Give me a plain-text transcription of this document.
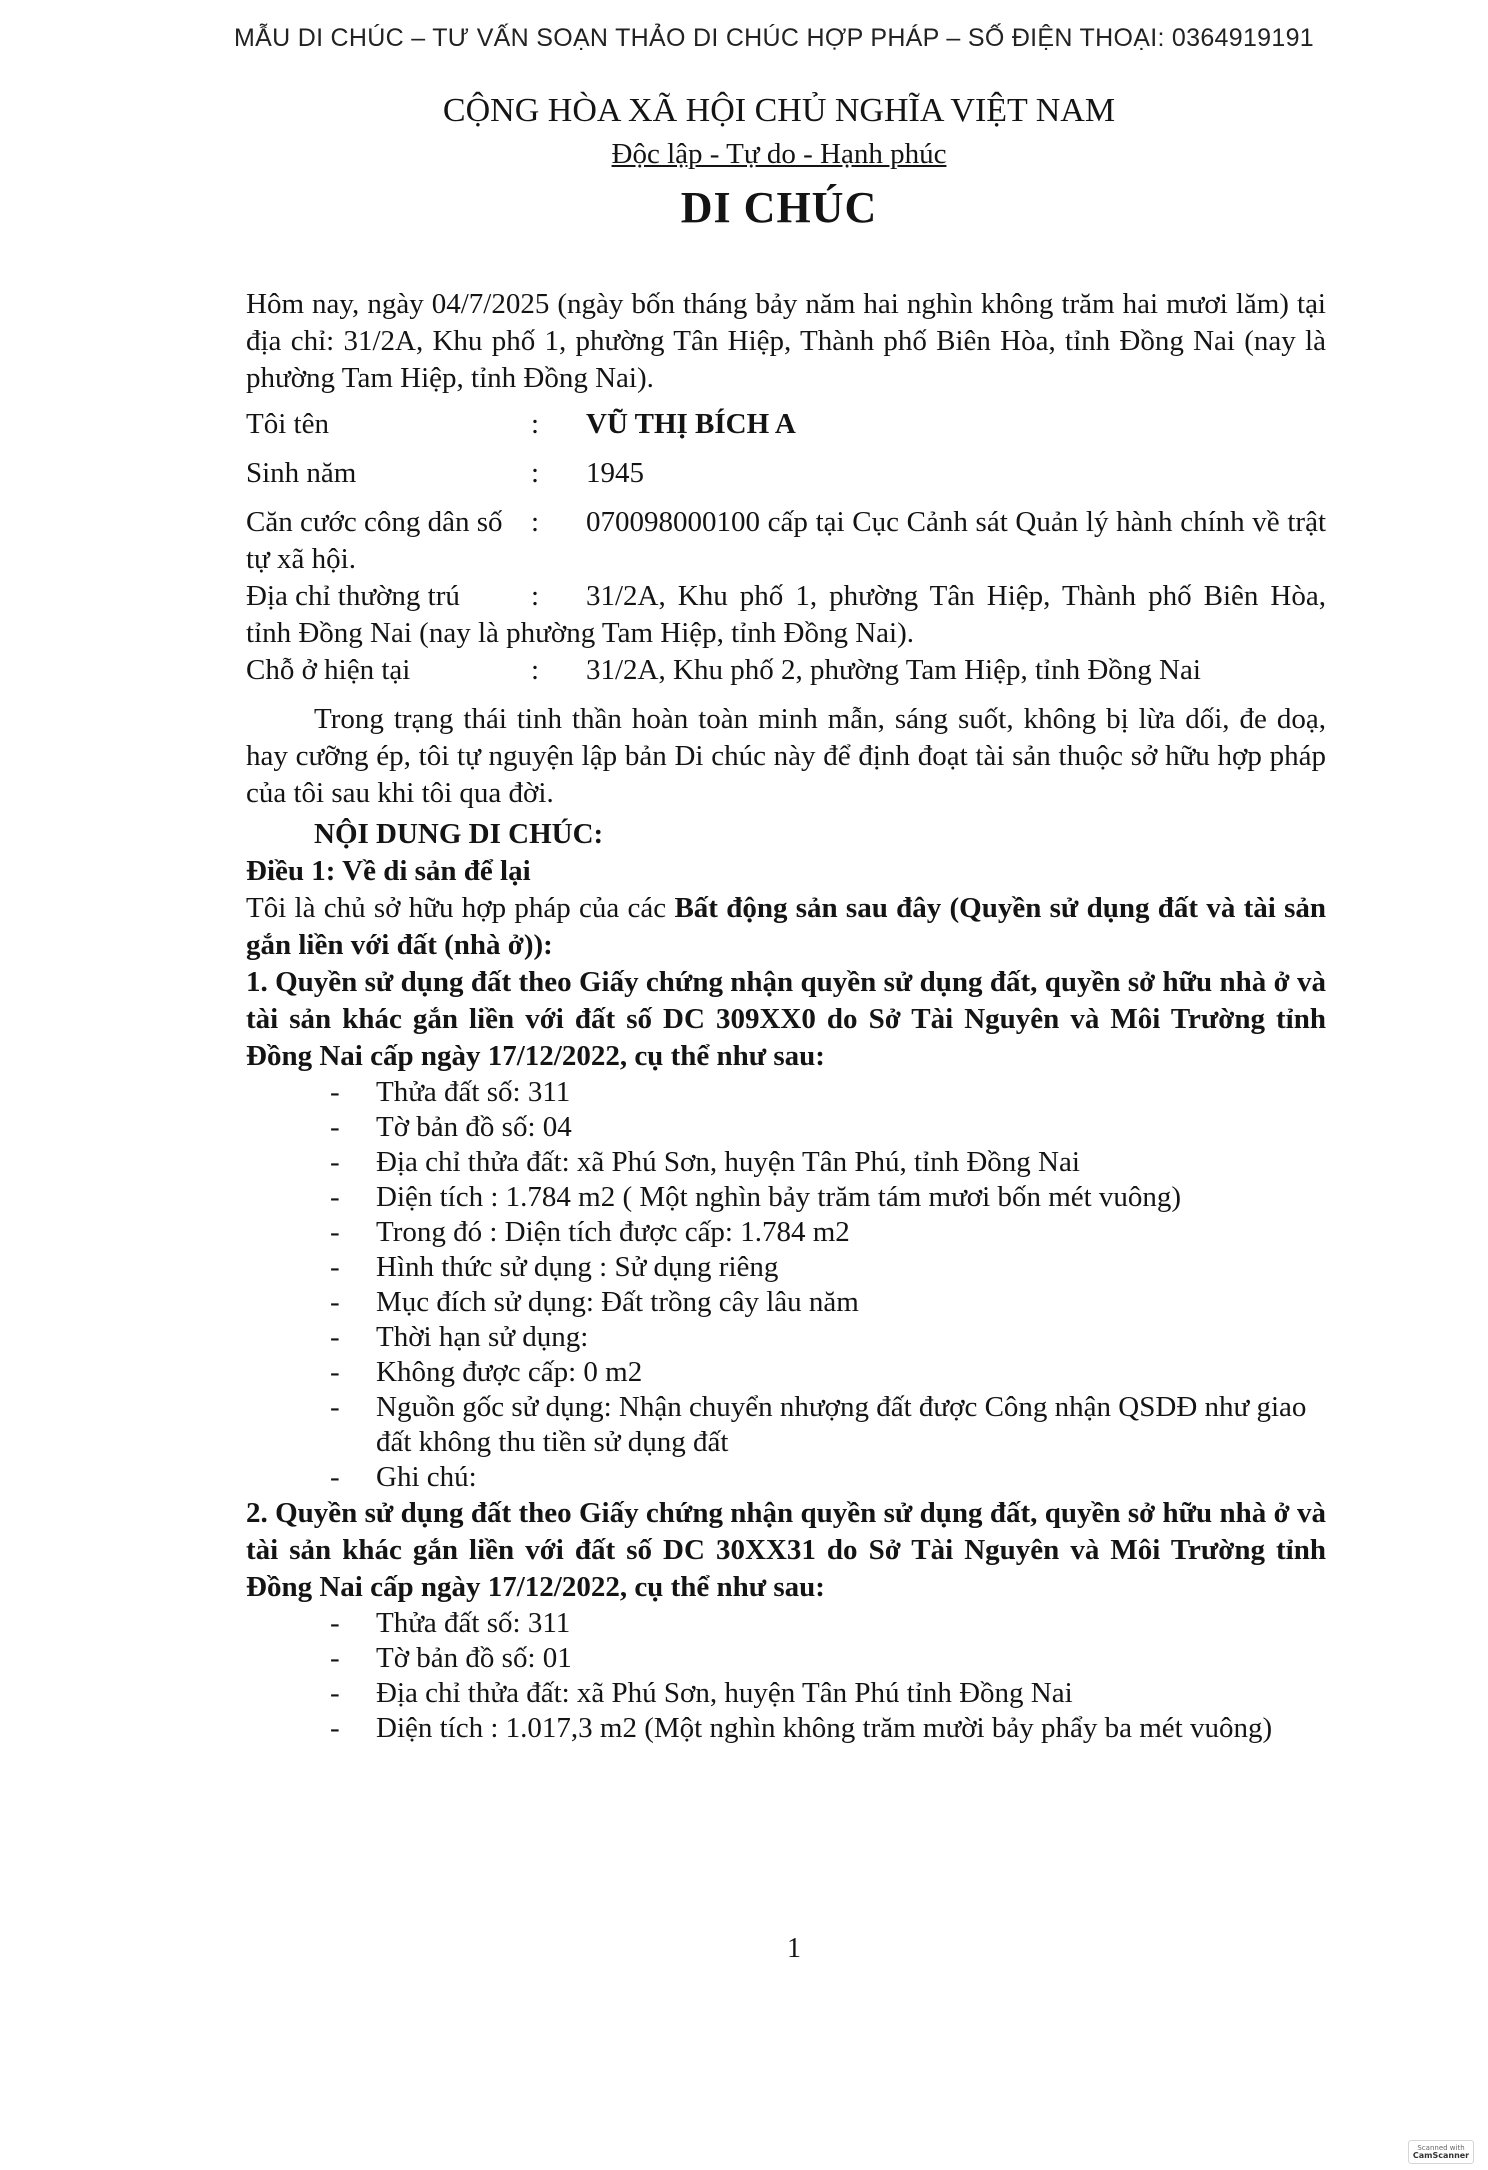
MẪU DI CHÚC – TƯ VẤN SOẠN THẢO DI CHÚC HỢP PHÁP – SỐ ĐIỆN THOẠI: 0364919191
CỘNG HÒA XÃ HỘI CHỦ NGHĨA VIỆT NAM
Độc lập - Tự do - Hạnh phúc
DI CHÚC

Hôm nay, ngày 04/7/2025 (ngày bốn tháng bảy năm hai nghìn không trăm hai mươi lăm) tại địa chỉ: 31/2A, Khu phố 1, phường Tân Hiệp, Thành phố Biên Hòa, tỉnh Đồng Nai (nay là phường Tam Hiệp, tỉnh Đồng Nai).

Tôi tên	:	VŨ THỊ BÍCH A
Sinh năm	:	1945

Căn cước công dân số : 070098000100 cấp tại Cục Cảnh sát Quản lý hành chính về trật tự xã hội.

Địa chỉ thường trú : 31/2A, Khu phố 1, phường Tân Hiệp, Thành phố Biên Hòa, tỉnh Đồng Nai (nay là phường Tam Hiệp, tỉnh Đồng Nai).

Chỗ ở hiện tại	:	31/2A, Khu phố 2, phường Tam Hiệp, tỉnh Đồng Nai

Trong trạng thái tinh thần hoàn toàn minh mẫn, sáng suốt, không bị lừa dối, đe doạ, hay cưỡng ép, tôi tự nguyện lập bản Di chúc này để định đoạt tài sản thuộc sở hữu hợp pháp của tôi sau khi tôi qua đời.

NỘI DUNG DI CHÚC:
Điều 1: Về di sản để lại

Tôi là chủ sở hữu hợp pháp của các Bất động sản sau đây (Quyền sử dụng đất và tài sản gắn liền với đất (nhà ở)):

1. Quyền sử dụng đất theo Giấy chứng nhận quyền sử dụng đất, quyền sở hữu nhà ở và tài sản khác gắn liền với đất số DC 309XX0 do Sở Tài Nguyên và Môi Trường tỉnh Đồng Nai cấp ngày 17/12/2022, cụ thể như sau:

- Thửa đất số: 311
- Tờ bản đồ số: 04
- Địa chỉ thửa đất: xã Phú Sơn, huyện Tân Phú, tỉnh Đồng Nai
- Diện tích : 1.784 m2 ( Một nghìn bảy trăm tám mươi bốn mét vuông)
- Trong đó : Diện tích được cấp: 1.784 m2
- Hình thức sử dụng : Sử dụng riêng
- Mục đích sử dụng: Đất trồng cây lâu năm
- Thời hạn sử dụng:
- Không được cấp: 0 m2
- Nguồn gốc sử dụng: Nhận chuyển nhượng đất được Công nhận QSDĐ như giao đất không thu tiền sử dụng đất
- Ghi chú:

2. Quyền sử dụng đất theo Giấy chứng nhận quyền sử dụng đất, quyền sở hữu nhà ở và tài sản khác gắn liền với đất số DC 30XX31 do Sở Tài Nguyên và Môi Trường tỉnh Đồng Nai cấp ngày 17/12/2022, cụ thể như sau:

- Thửa đất số: 311
- Tờ bản đồ số: 01
- Địa chỉ thửa đất: xã Phú Sơn, huyện Tân Phú tỉnh Đồng Nai
- Diện tích : 1.017,3 m2 (Một nghìn không trăm mười bảy phẩy ba mét vuông)
1
Scanned with
CamScanner
